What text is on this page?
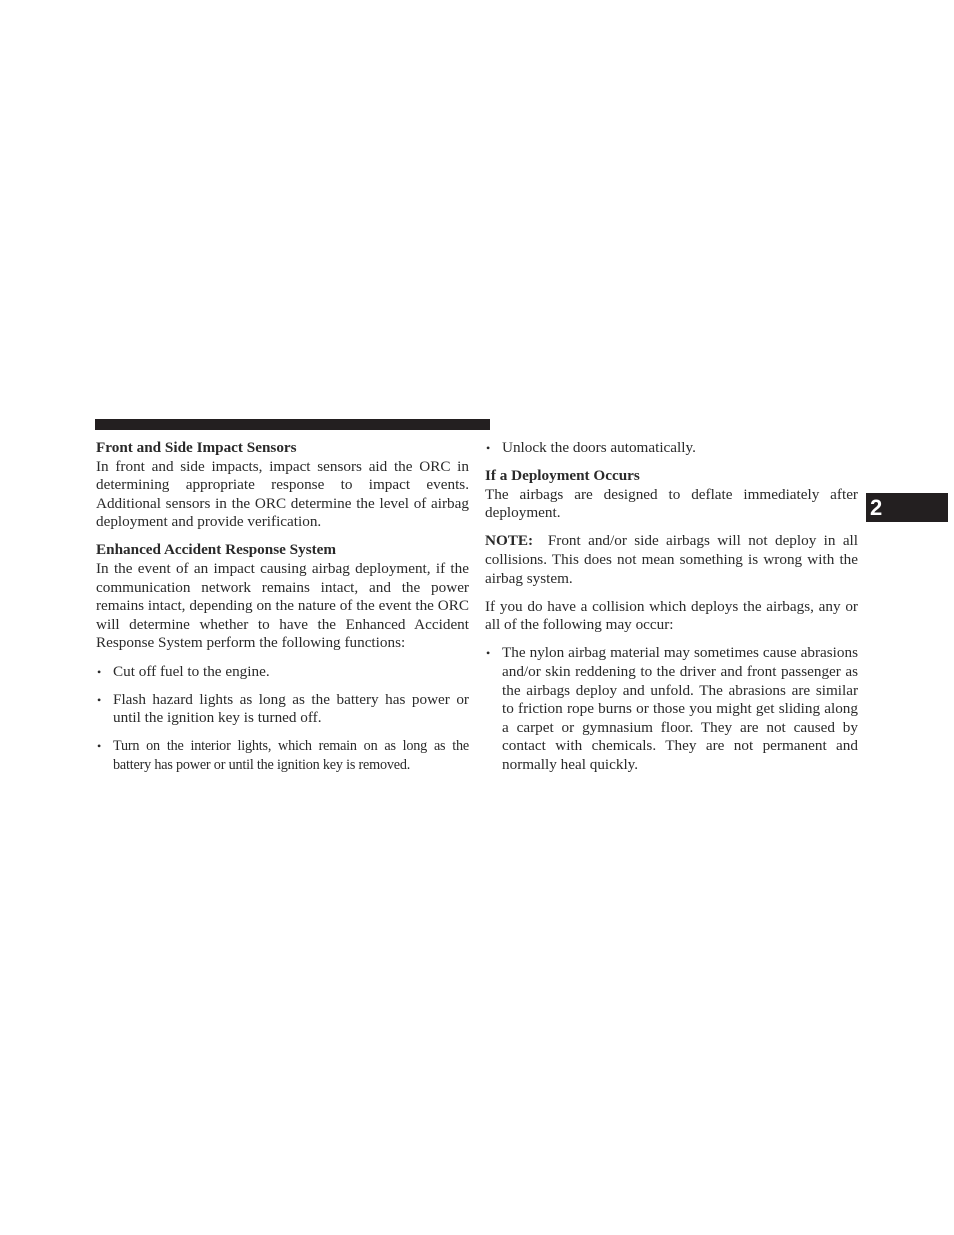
Front and Side Impact Sensors

In front and side impacts, impact sensors aid the ORC in determining appropriate response to impact events. Additional sensors in the ORC determine the level of airbag deployment and provide verification.

Enhanced Accident Response System

In the event of an impact causing airbag deployment, if the communication network remains intact, and the power remains intact, depending on the nature of the event the ORC will determine whether to have the Enhanced Accident Response System perform the following functions:

• Cut off fuel to the engine.
• Flash hazard lights as long as the battery has power or until the ignition key is turned off.
• Turn on the interior lights, which remain on as long as the battery has power or until the ignition key is removed.
• Unlock the doors automatically.
If a Deployment Occurs

The airbags are designed to deflate immediately after deployment.

NOTE: Front and/or side airbags will not deploy in all collisions. This does not mean something is wrong with the airbag system.

If you do have a collision which deploys the airbags, any or all of the following may occur:

• The nylon airbag material may sometimes cause abrasions and/or skin reddening to the driver and front passenger as the airbags deploy and unfold. The abrasions are similar to friction rope burns or those you might get sliding along a carpet or gymnasium floor. They are not caused by contact with chemicals. They are not permanent and normally heal quickly.
2
